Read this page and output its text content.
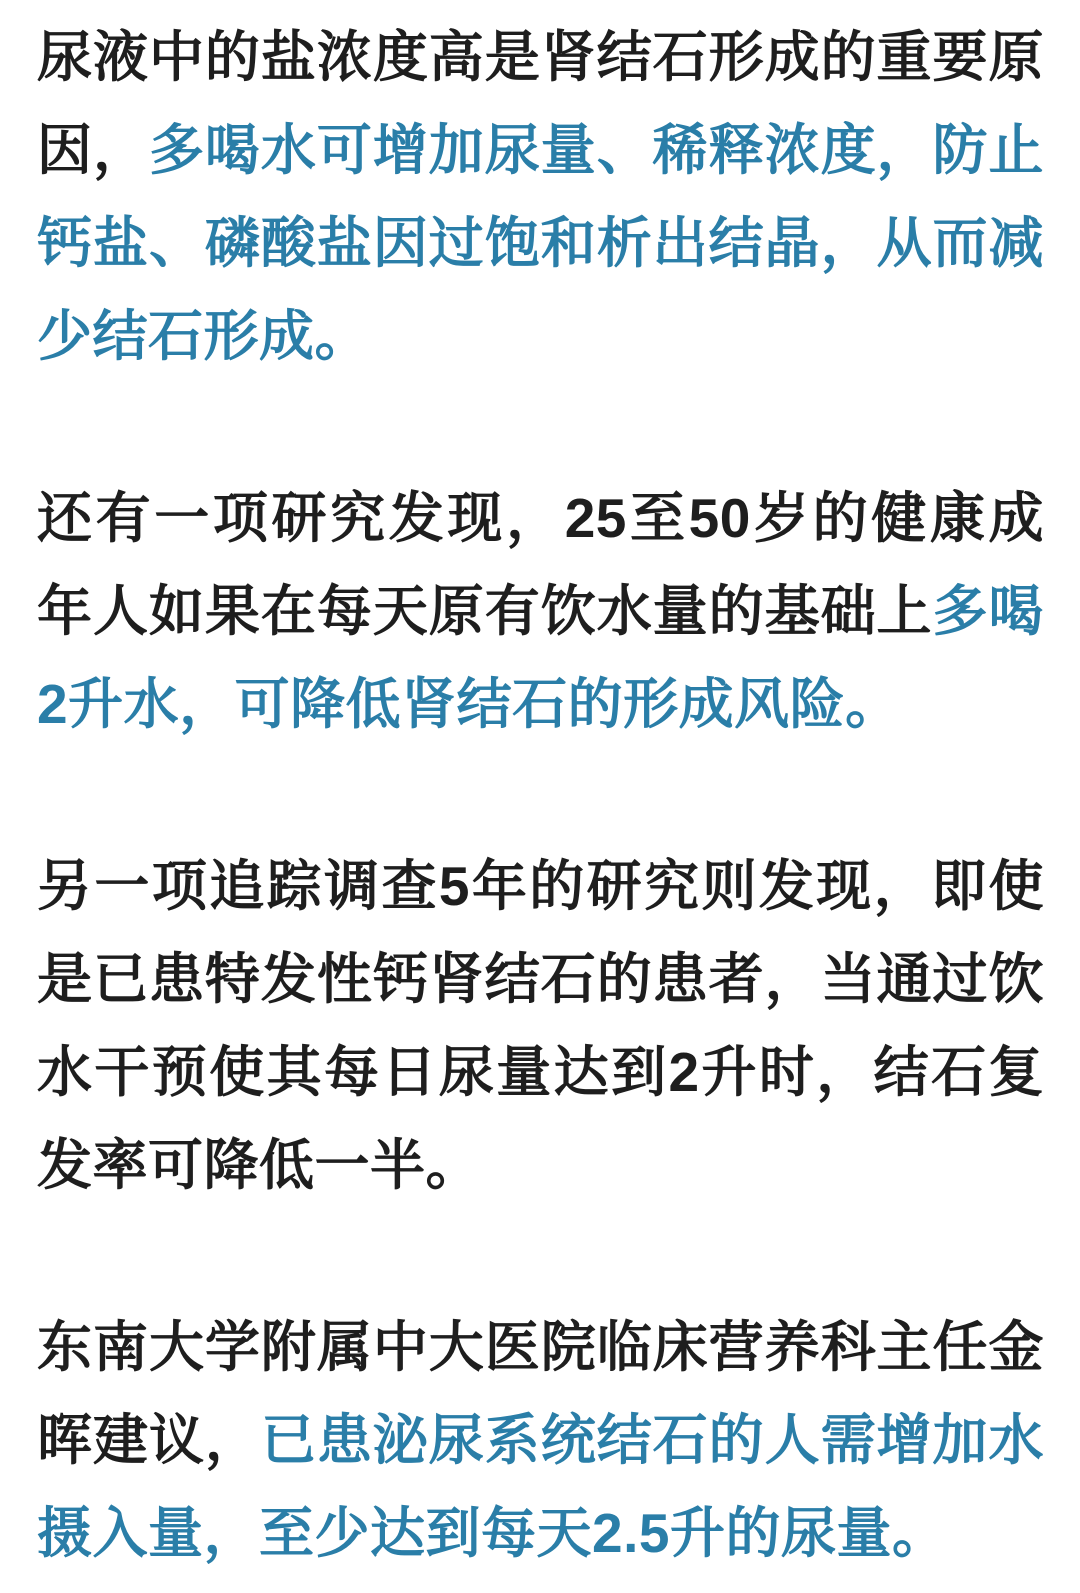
尿液中的盐浓度高是肾结石形成的重要原因，多喝水可增加尿量、稀释浓度，防止钙盐、磷酸盐因过饱和析出结晶，从而减少结石形成。

还有一项研究发现，25至50岁的健康成年人如果在每天原有饮水量的基础上多喝2升水，可降低肾结石的形成风险。

另一项追踪调查5年的研究则发现，即使是已患特发性钙肾结石的患者，当通过饮水干预使其每日尿量达到2升时，结石复发率可降低一半。

东南大学附属中大医院临床营养科主任金晖建议，已患泌尿系统结石的人需增加水摄入量，至少达到每天2.5升的尿量。
